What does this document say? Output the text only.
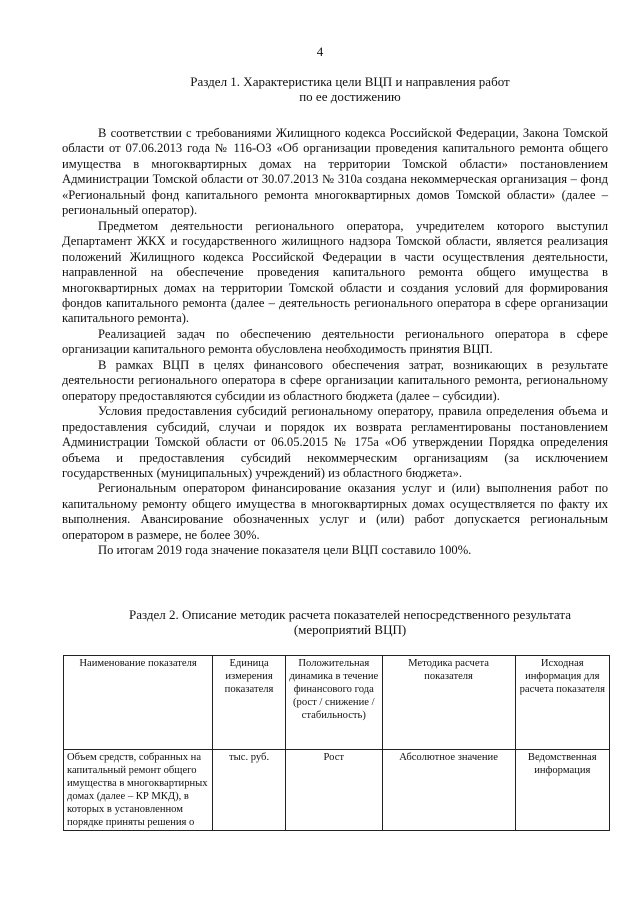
4
Раздел 1. Характеристика цели ВЦП и направления работ
по ее достижению

В соответствии с требованиями Жилищного кодекса Российской Федерации, Закона Томской области от 07.06.2013 года № 116-ОЗ «Об организации проведения капитального ремонта общего имущества в многоквартирных домах на территории Томской области» постановлением Администрации Томской области от 30.07.2013 № 310а создана некоммерческая организация – фонд «Региональный фонд капитального ремонта многоквартирных домов Томской области» (далее – региональный оператор).

Предметом деятельности регионального оператора, учредителем которого выступил Департамент ЖКХ и государственного жилищного надзора Томской области, является реализация положений Жилищного кодекса Российской Федерации в части осуществления деятельности, направленной на обеспечение проведения капитального ремонта общего имущества в многоквартирных домах на территории Томской области и создания условий для формирования фондов капитального ремонта (далее – деятельность регионального оператора в сфере организации капитального ремонта).

Реализацией задач по обеспечению деятельности регионального оператора в сфере организации капитального ремонта обусловлена необходимость принятия ВЦП.

В рамках ВЦП в целях финансового обеспечения затрат, возникающих в результате деятельности регионального оператора в сфере организации капитального ремонта, региональному оператору предоставляются субсидии из областного бюджета (далее – субсидии).

Условия предоставления субсидий региональному оператору, правила определения объема и предоставления субсидий, случаи и порядок их возврата регламентированы постановлением Администрации Томской области от 06.05.2015 № 175а «Об утверждении Порядка определения объема и предоставления субсидий некоммерческим организациям (за исключением государственных (муниципальных) учреждений) из областного бюджета».

Региональным оператором финансирование оказания услуг и (или) выполнения работ по капитальному ремонту общего имущества в многоквартирных домах осуществляется по факту их выполнения. Авансирование обозначенных услуг и (или) работ допускается региональным оператором в размере, не более 30%.

По итогам 2019 года значение показателя цели ВЦП составило 100%.

Раздел 2. Описание методик расчета показателей непосредственного результата
(мероприятий ВЦП)
Наименование показателя	Единица измерения показателя	Положительная динамика в течение финансового года (рост / снижение / стабильность)	Методика расчета показателя	Исходная информация для расчета показателя
Объем средств, собранных на капитальный ремонт общего имущества в многоквартирных домах (далее – КР МКД), в которых в установленном порядке приняты решения о	тыс. руб.	Рост	Абсолютное значение	Ведомственная информация
